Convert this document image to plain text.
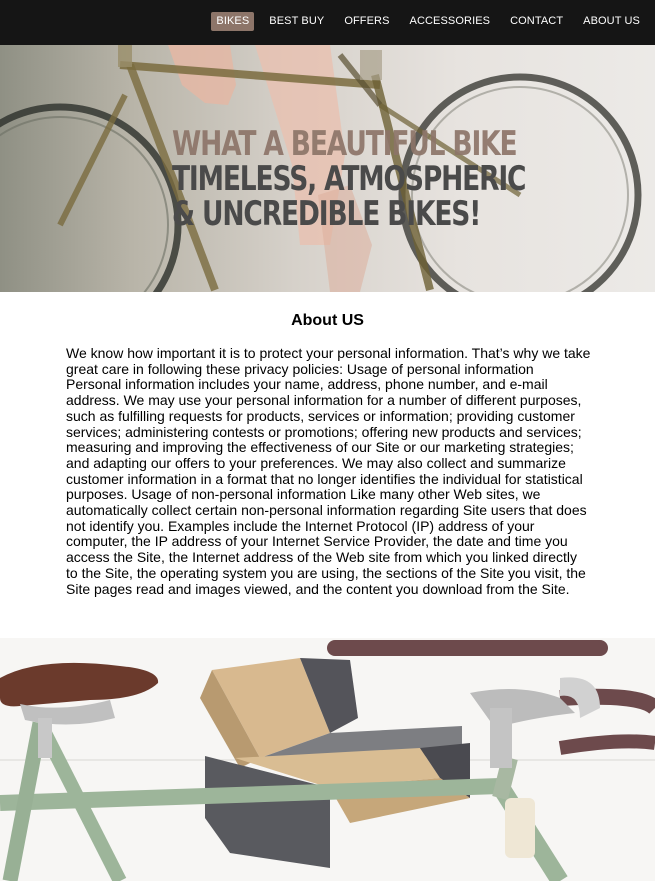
BIKES	BEST BUY	OFFERS	ACCESSORIES	CONTACT	ABOUT US
WHAT A BEAUTIFUL BIKE
TIMELESS, ATMOSPHERIC
& UNCREDIBLE BIKES!
About US

We know how important it is to protect your personal information. That’s why we take great care in following these privacy policies: Usage of personal information Personal information includes your name, address, phone number, and e-mail address. We may use your personal information for a number of different purposes, such as fulfilling requests for products, services or information; providing customer services; administering contests or promotions; offering new products and services; measuring and improving the effectiveness of our Site or our marketing strategies; and adapting our offers to your preferences. We may also collect and summarize customer information in a format that no longer identifies the individual for statistical purposes. Usage of non-personal information Like many other Web sites, we automatically collect certain non-personal information regarding Site users that does not identify you. Examples include the Internet Protocol (IP) address of your computer, the IP address of your Internet Service Provider, the date and time you access the Site, the Internet address of the Web site from which you linked directly to the Site, the operating system you are using, the sections of the Site you visit, the Site pages read and images viewed, and the content you download from the Site.
